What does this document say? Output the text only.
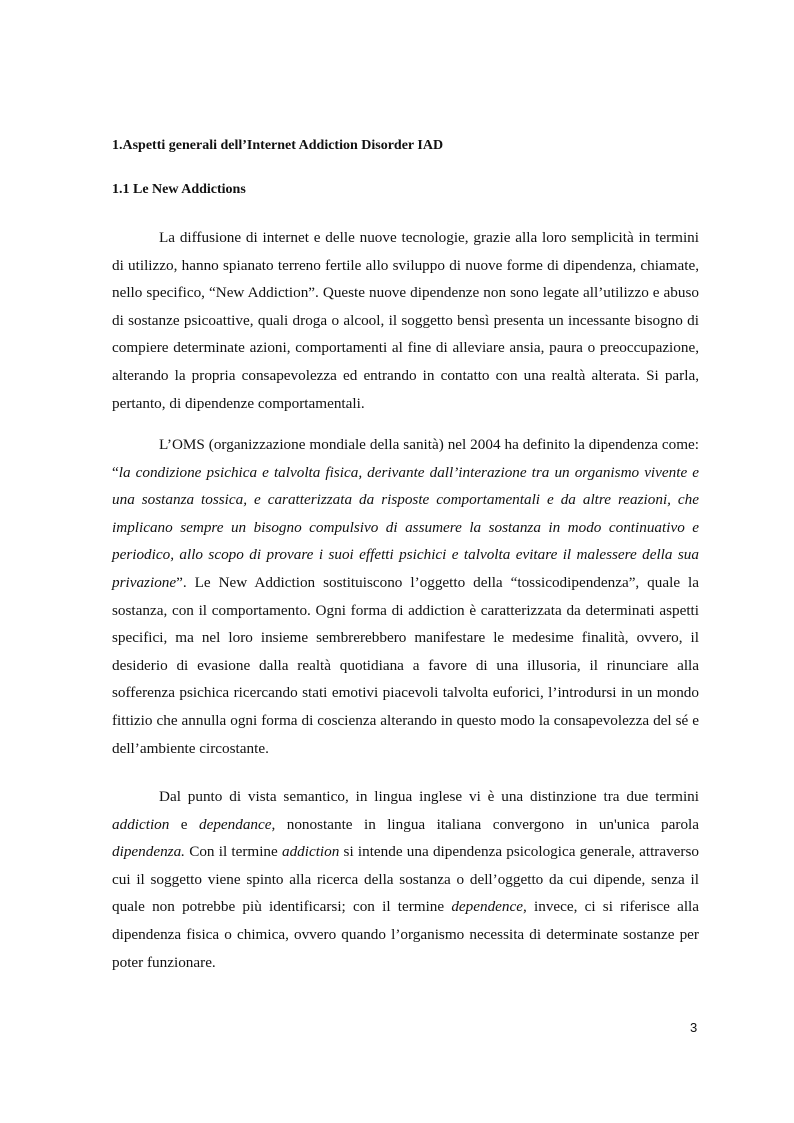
1.Aspetti generali dell’Internet Addiction Disorder IAD
1.1 Le New Addictions

La diffusione di internet e delle nuove tecnologie, grazie alla loro semplicità in termini di utilizzo, hanno spianato terreno fertile allo sviluppo di nuove forme di dipendenza, chiamate, nello specifico, “New Addiction”. Queste nuove dipendenze non sono legate all’utilizzo e abuso di sostanze psicoattive, quali droga o alcool, il soggetto bensì presenta un incessante bisogno di compiere determinate azioni, comportamenti al fine di alleviare ansia, paura o preoccupazione, alterando la propria consapevolezza ed entrando in contatto con una realtà alterata. Si parla, pertanto, di dipendenze comportamentali.

L’OMS (organizzazione mondiale della sanità) nel 2004 ha definito la dipendenza come: “la condizione psichica e talvolta fisica, derivante dall’interazione tra un organismo vivente e una sostanza tossica, e caratterizzata da risposte comportamentali e da altre reazioni, che implicano sempre un bisogno compulsivo di assumere la sostanza in modo continuativo e periodico, allo scopo di provare i suoi effetti psichici e talvolta evitare il malessere della sua privazione”. Le New Addiction sostituiscono l’oggetto della “tossicodipendenza”, quale la sostanza, con il comportamento. Ogni forma di addiction è caratterizzata da determinati aspetti specifici, ma nel loro insieme sembrerebbero manifestare le medesime finalità, ovvero, il desiderio di evasione dalla realtà quotidiana a favore di una illusoria, il rinunciare alla sofferenza psichica ricercando stati emotivi piacevoli talvolta euforici, l’introdursi in un mondo fittizio che annulla ogni forma di coscienza alterando in questo modo la consapevolezza del sé e dell’ambiente circostante.

Dal punto di vista semantico, in lingua inglese vi è una distinzione tra due termini addiction e dependance, nonostante in lingua italiana convergono in un'unica parola dipendenza. Con il termine addiction si intende una dipendenza psicologica generale, attraverso cui il soggetto viene spinto alla ricerca della sostanza o dell’oggetto da cui dipende, senza il quale non potrebbe più identificarsi; con il termine dependence, invece, ci si riferisce alla dipendenza fisica o chimica, ovvero quando l’organismo necessita di determinate sostanze per poter funzionare.

3
